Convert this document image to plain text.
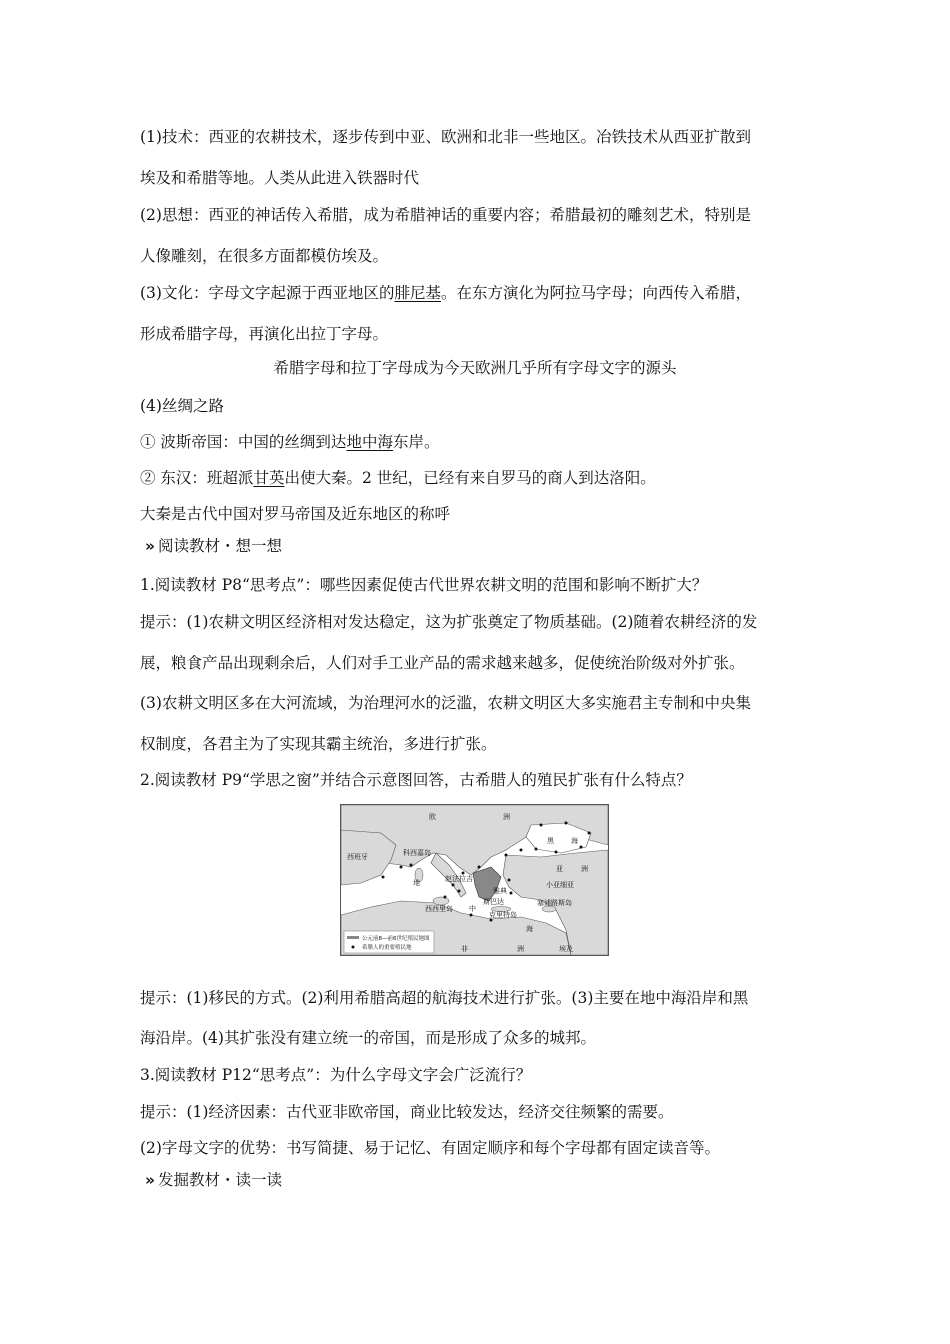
(1)技术：西亚的农耕技术，逐步传到中亚、欧洲和北非一些地区。冶铁技术从西亚扩散到
埃及和希腊等地。人类从此进入铁器时代
(2)思想：西亚的神话传入希腊，成为希腊神话的重要内容；希腊最初的雕刻艺术，特别是
人像雕刻，在很多方面都模仿埃及。
(3)文化：字母文字起源于西亚地区的腓尼基。在东方演化为阿拉马字母；向西传入希腊，
形成希腊字母，再演化出拉丁字母。
希腊字母和拉丁字母成为今天欧洲几乎所有字母文字的源头
(4)丝绸之路
① 波斯帝国：中国的丝绸到达地中海东岸。
② 东汉：班超派甘英出使大秦。2 世纪，已经有来自罗马的商人到达洛阳。
大秦是古代中国对罗马帝国及近东地区的称呼
» 阅读教材・想一想
1.阅读教材 P8“思考点”：哪些因素促使古代世界农耕文明的范围和影响不断扩大？
提示：(1)农耕文明区经济相对发达稳定，这为扩张奠定了物质基础。(2)随着农耕经济的发
展，粮食产品出现剩余后，人们对手工业产品的需求越来越多，促使统治阶级对外扩张。
(3)农耕文明区多在大河流域，为治理河水的泛滥，农耕文明区大多实施君主专制和中央集
权制度，各君主为了实现其霸主统治，多进行扩张。
2.阅读教材 P9“学思之窗”并结合示意图回答，古希腊人的殖民扩张有什么特点？
欧	洲
西班牙	科西嘉岛
黑 海
亚	洲
小亚细亚
地
中
海
赵法拉吉
西西里岛
斯巴达
雅典
克里特岛
塞浦路斯岛
非	洲	埃及
公元前8—前6世纪殖民地图
希腊人的重要殖民地
提示：(1)移民的方式。(2)利用希腊高超的航海技术进行扩张。(3)主要在地中海沿岸和黑
海沿岸。(4)其扩张没有建立统一的帝国，而是形成了众多的城邦。
3.阅读教材 P12“思考点”：为什么字母文字会广泛流行？
提示：(1)经济因素：古代亚非欧帝国，商业比较发达，经济交往频繁的需要。
(2)字母文字的优势：书写简捷、易于记忆、有固定顺序和每个字母都有固定读音等。
» 发掘教材・读一读
